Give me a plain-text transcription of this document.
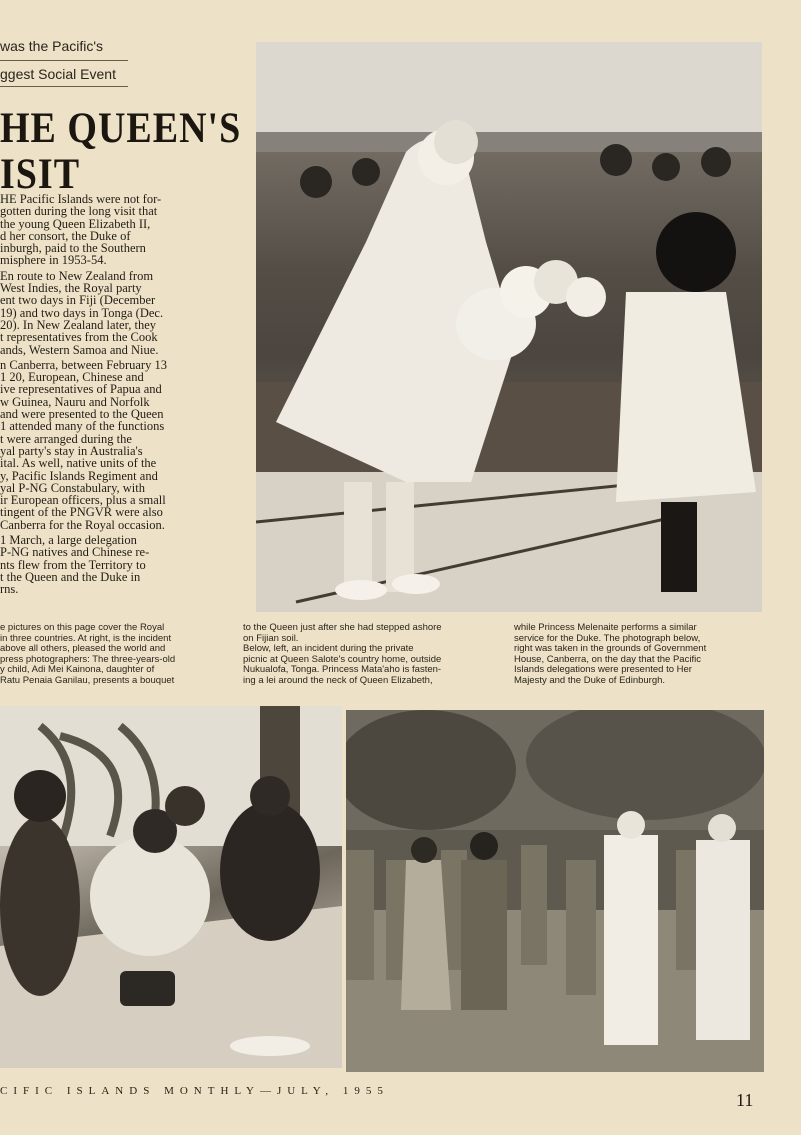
was the Pacific's
ggest Social Event
HE QUEEN'S
ISIT

HE Pacific Islands were not for-
gotten during the long visit that
the young Queen Elizabeth II,
d her consort, the Duke of
inburgh, paid to the Southern
misphere in 1953-54.

En route to New Zealand from
West Indies, the Royal party
ent two days in Fiji (December
19) and two days in Tonga (Dec.
20). In New Zealand later, they
t representatives from the Cook
ands, Western Samoa and Niue.

n Canberra, between February 13
1 20, European, Chinese and
ive representatives of Papua and
w Guinea, Nauru and Norfolk
and were presented to the Queen
1 attended many of the functions
t were arranged during the
yal party's stay in Australia's
ital. As well, native units of the
y, Pacific Islands Regiment and
yal P-NG Constabulary, with
ir European officers, plus a small
tingent of the PNGVR were also
Canberra for the Royal occasion.

1 March, a large delegation
P-NG natives and Chinese re-
nts flew from the Territory to
t the Queen and the Duke in
rns.

e pictures on this page cover the Royal
in three countries. At right, is the incident
above all others, pleased the world and
press photographers: The three-years-old
y child, Adi Mei Kainona, daughter of
Ratu Penaia Ganilau, presents a bouquet
to the Queen just after she had stepped ashore
on Fijian soil.
Below, left, an incident during the private
picnic at Queen Salote's country home, outside
Nukualofa, Tonga. Princess Mata'aho is fasten-
ing a lei around the neck of Queen Elizabeth,
while Princess Melenaite performs a similar
service for the Duke. The photograph below,
right was taken in the grounds of Government
House, Canberra, on the day that the Pacific
Islands delegations were presented to Her
Majesty and the Duke of Edinburgh.
CIFIC ISLANDS MONTHLY—JULY, 1955	11
